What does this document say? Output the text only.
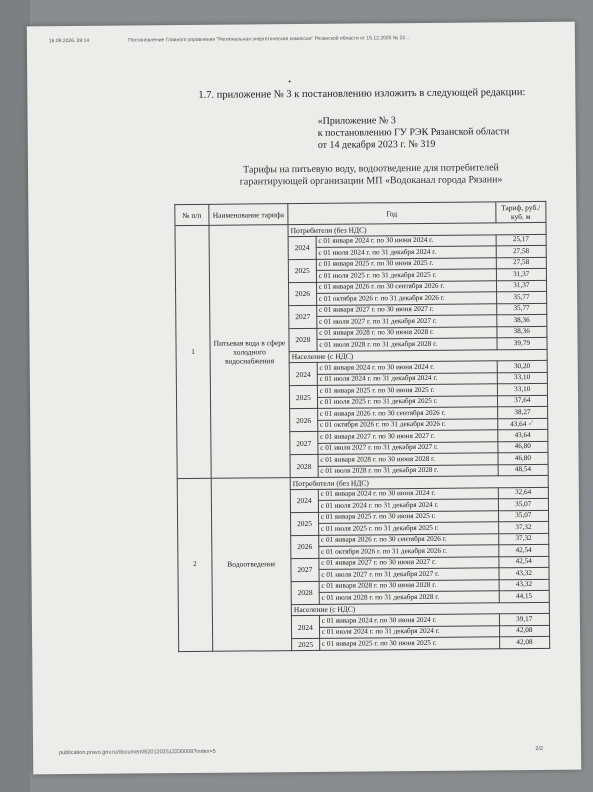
16.09.2026, 09:14	Постановление Главного управления "Региональная энергетическая комиссия" Рязанской области от 15.12.2025 № 22...
•
1.7. приложение № 3 к постановлению изложить в следующей редакции:
«Приложение № 3
к постановлению ГУ РЭК Рязанской области
от 14 декабря 2023 г. № 319
Тарифы на питьевую воду, водоотведение для потребителей
гарантирующей организации МП «Водоканал города Рязани»
№ п/п	Наименование тарифа	Год		Тариф, руб./куб. м
1	Питьевая вода в сфере холодного водоснабжения	Потребители (без НДС)		
		2024	с 01 января 2024 г. по 30 июня 2024 г.	25,17
			с 01 июля 2024 г. по 31 декабря 2024 г.	27,58
		2025	с 01 января 2025 г. по 30 июня 2025 г.	27,58
			с 01 июля 2025 г. по 31 декабря 2025 г.	31,37
		2026	с 01 января 2026 г. по 30 сентября 2026 г.	31,37
			с 01 октября 2026 г. по 31 декабря 2026 г.	35,77
		2027	с 01 января 2027 г. по 30 июня 2027 г.	35,77
			с 01 июля 2027 г. по 31 декабря 2027 г.	38,36
		2028	с 01 января 2028 г. по 30 июня 2028 г.	38,36
			с 01 июля 2028 г. по 31 декабря 2028 г.	39,79
		Население (с НДС)		
		2024	с 01 января 2024 г. по 30 июня 2024 г.	30,20
			с 01 июля 2024 г. по 31 декабря 2024 г.	33,10
		2025	с 01 января 2025 г. по 30 июня 2025 г.	33,10
			с 01 июля 2025 г. по 31 декабря 2025 г.	37,64
		2026	с 01 января 2026 г. по 30 сентября 2026 г.	38,27
			с 01 октября 2026 г. по 31 декабря 2026 г.	43,64✓
		2027	с 01 января 2027 г. по 30 июня 2027 г.	43,64
			с 01 июля 2027 г. по 31 декабря 2027 г.	46,80
		2028	с 01 января 2028 г. по 30 июня 2028 г.	46,80
			с 01 июля 2028 г. по 31 декабря 2028 г.	48,54
2	Водоотведение	Потребители (без НДС)		
		2024	с 01 января 2024 г. по 30 июня 2024 г.	32,64
			с 01 июля 2024 г. по 31 декабря 2024 г.	35,07
		2025	с 01 января 2025 г. по 30 июня 2025 г.	35,07
			с 01 июля 2025 г. по 31 декабря 2025 г.	37,32
		2026	с 01 января 2026 г. по 30 сентября 2026 г.	37,32
			с 01 октября 2026 г. по 31 декабря 2026 г.	42,54
		2027	с 01 января 2027 г. по 30 июня 2027 г.	42,54
			с 01 июля 2027 г. по 31 декабря 2027 г.	43,32
		2028	с 01 января 2028 г. по 30 июня 2028 г.	43,32
			с 01 июля 2028 г. по 31 декабря 2028 г.	44,15
		Население (с НДС)		
		2024	с 01 января 2024 г. по 30 июня 2024 г.	39,17
			с 01 июля 2024 г. по 31 декабря 2024 г.	42,08
		2025	с 01 января 2025 г. по 30 июня 2025 г.	42,08
publication.pravo.gov.ru/document/6201202512230008?index=5	2/2
